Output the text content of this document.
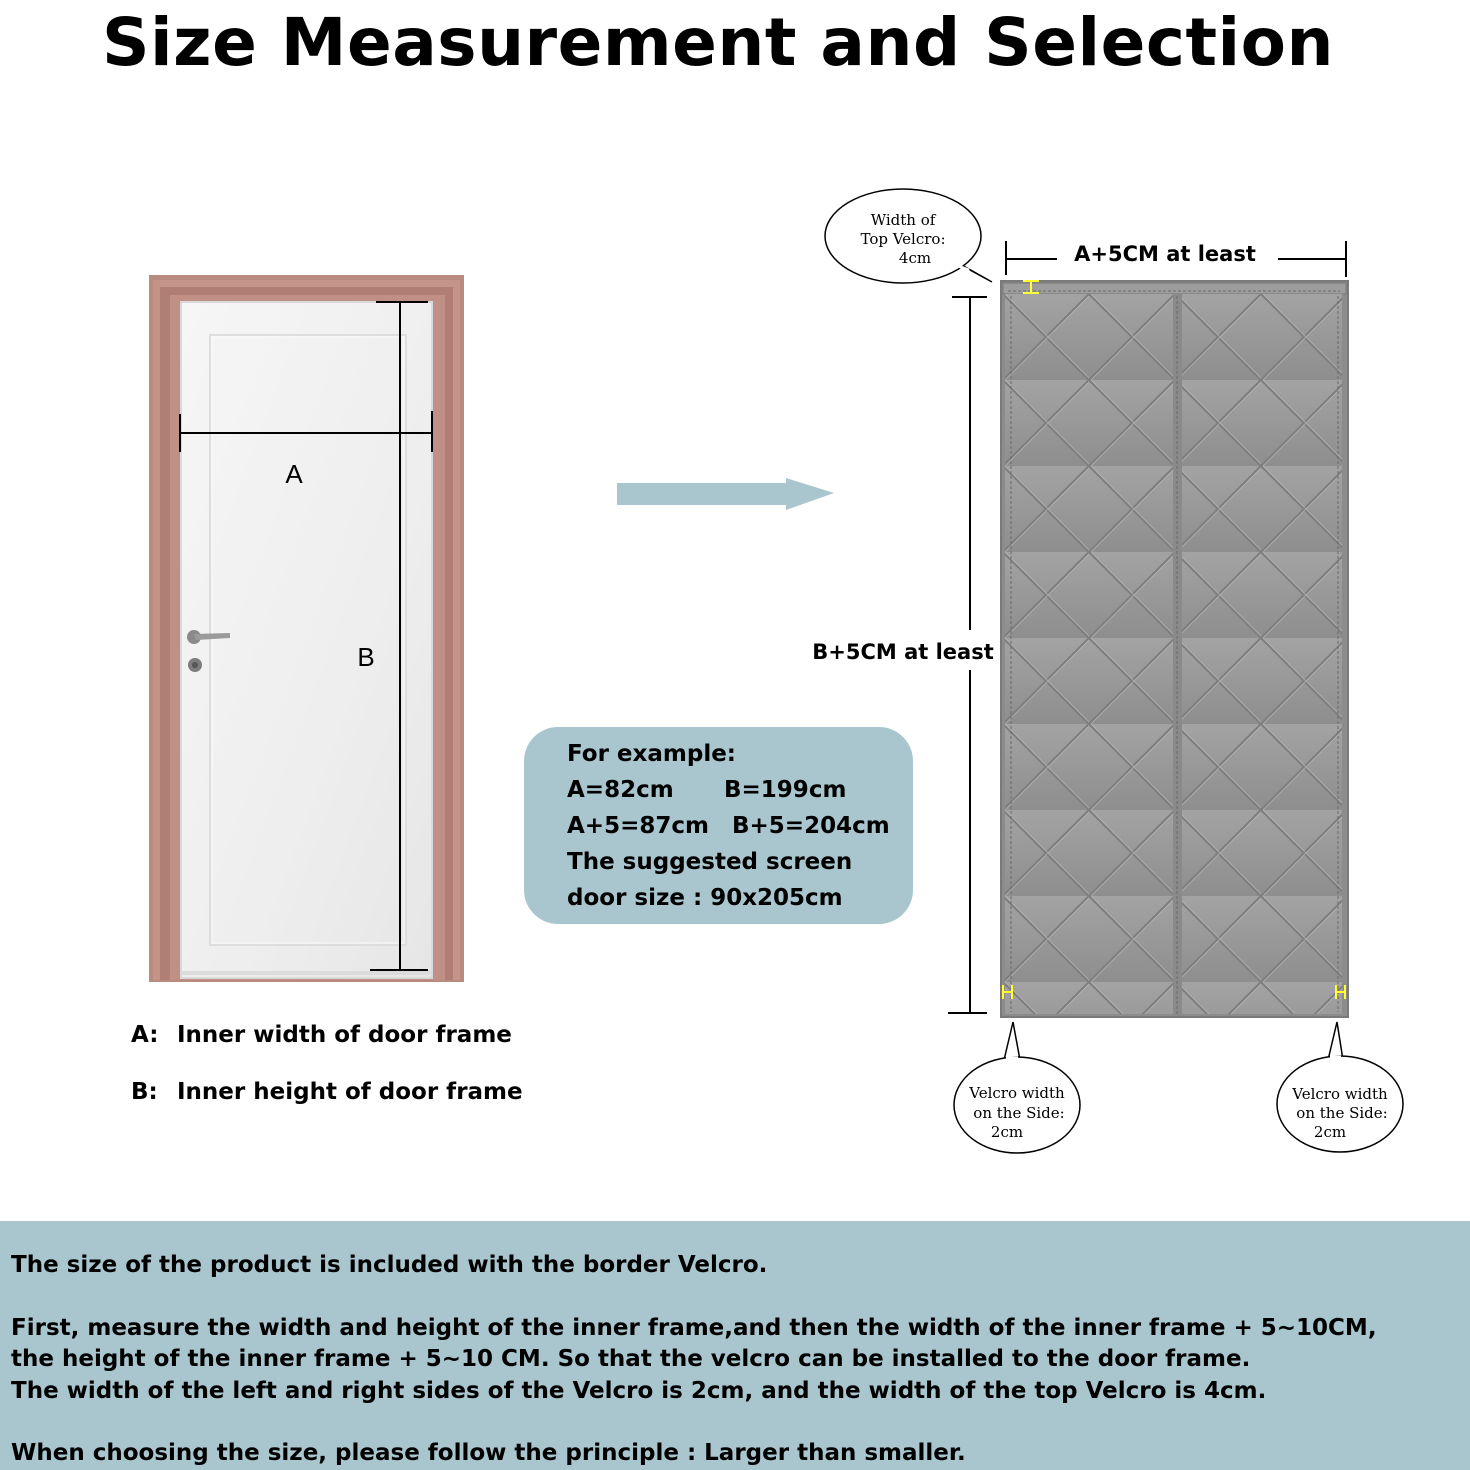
Size Measurement and Selection
A
B
Width of
Top Velcro:
4cm
Velcro width
on the Side:
2cm
Velcro width
on the Side:
2cm
A+5CM at least
B+5CM at least
For example:
A=82cm B=199cm
A+5=87cm B+5=204cm
The suggested screen
door size : 90x205cm
A: Inner width of door frame
B: Inner height of door frame
The size of the product is included with the border Velcro.
First, measure the width and height of the inner frame,and then the width of the inner frame + 5~10CM,
the height of the inner frame + 5~10 CM. So that the velcro can be installed to the door frame.
The width of the left and right sides of the Velcro is 2cm, and the width of the top Velcro is 4cm.
When choosing the size, please follow the principle : Larger than smaller.
